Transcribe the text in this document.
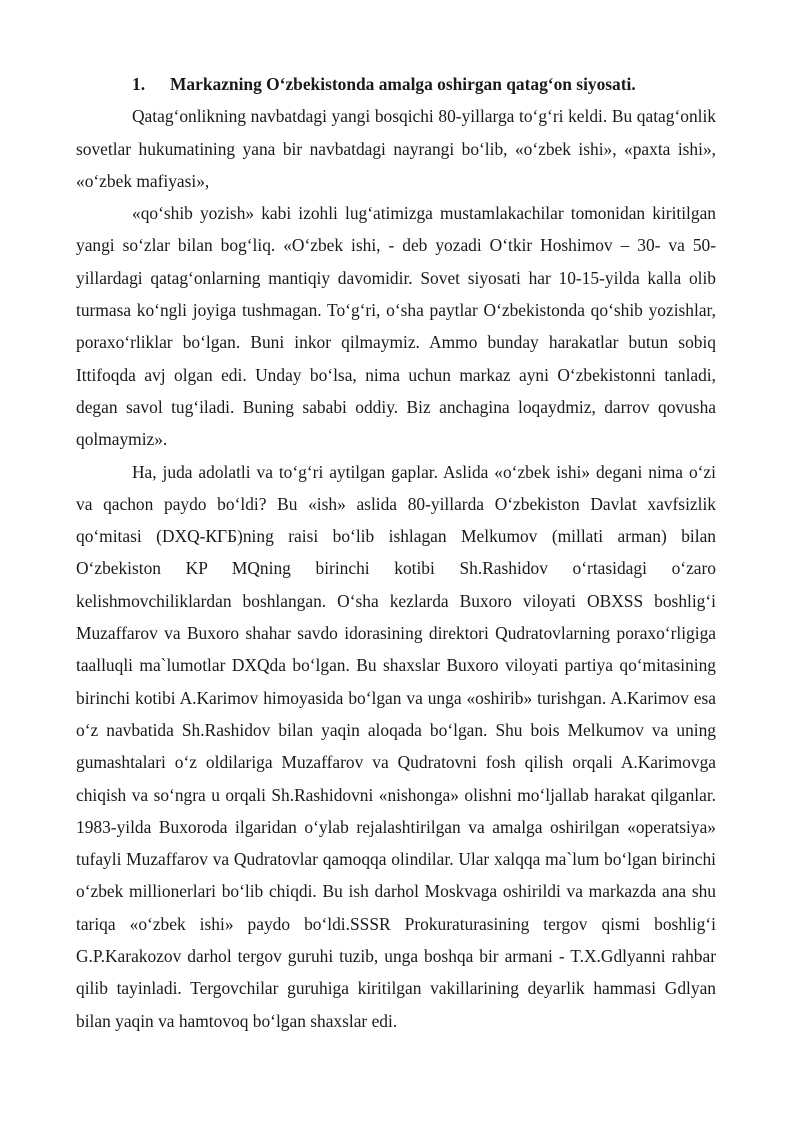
1. Markazning O‘zbekistonda amalga oshirgan qatag‘on siyosati.

Qatag‘onlikning navbatdagi yangi bosqichi 80-yillarga to‘g‘ri keldi. Bu qatag‘onlik sovetlar hukumatining yana bir navbatdagi nayrangi bo‘lib, «o‘zbek ishi», «paxta ishi», «o‘zbek mafiyasi»,

«qo‘shib yozish» kabi izohli lug‘atimizga mustamlakachilar tomonidan kiritilgan yangi so‘zlar bilan bog‘liq. «O‘zbek ishi, - deb yozadi O‘tkir Hoshimov – 30- va 50-yillardagi qatag‘onlarning mantiqiy davomidir. Sovet siyosati har 10-15-yilda kalla olib turmasa ko‘ngli joyiga tushmagan. To‘g‘ri, o‘sha paytlar O‘zbekistonda qo‘shib yozishlar, poraxo‘rliklar bo‘lgan. Buni inkor qilmaymiz. Ammo bunday harakatlar butun sobiq Ittifoqda avj olgan edi. Unday bo‘lsa, nima uchun markaz ayni O‘zbekistonni tanladi, degan savol tug‘iladi. Buning sababi oddiy. Biz anchagina loqaydmiz, darrov qovusha qolmaymiz».

Ha, juda adolatli va to‘g‘ri aytilgan gaplar. Aslida «o‘zbek ishi» degani nima o‘zi va qachon paydo bo‘ldi? Bu «ish» aslida 80-yillarda O‘zbekiston Davlat xavfsizlik qo‘mitasi (DXQ-КГБ)ning raisi bo‘lib ishlagan Melkumov (millati arman) bilan O‘zbekiston KP MQning birinchi kotibi Sh.Rashidov o‘rtasidagi o‘zaro kelishmovchiliklardan boshlangan. O‘sha kezlarda Buxoro viloyati OBXSS boshlig‘i Muzaffarov va Buxoro shahar savdo idorasining direktori Qudratovlarning poraxo‘rligiga taalluqli ma`lumotlar DXQda bo‘lgan. Bu shaxslar Buxoro viloyati partiya qo‘mitasining birinchi kotibi A.Karimov himoyasida bo‘lgan va unga «oshirib» turishgan. A.Karimov esa o‘z navbatida Sh.Rashidov bilan yaqin aloqada bo‘lgan. Shu bois Melkumov va uning gumashtalari o‘z oldilariga Muzaffarov va Qudratovni fosh qilish orqali A.Karimovga chiqish va so‘ngra u orqali Sh.Rashidovni «nishonga» olishni mo‘ljallab harakat qilganlar. 1983-yilda Buxoroda ilgaridan o‘ylab rejalashtirilgan va amalga oshirilgan «operatsiya» tufayli Muzaffarov va Qudratovlar qamoqqa olindilar. Ular xalqqa ma`lum bo‘lgan birinchi o‘zbek millionerlari bo‘lib chiqdi. Bu ish darhol Moskvaga oshirildi va markazda ana shu tariqa «o‘zbek ishi» paydo bo‘ldi.SSSR Prokuraturasining tergov qismi boshlig‘i G.P.Karakozov darhol tergov guruhi tuzib, unga boshqa bir armani - T.X.Gdlyanni rahbar qilib tayinladi. Tergovchilar guruhiga kiritilgan vakillarining deyarlik hammasi Gdlyan bilan yaqin va hamtovoq bo‘lgan shaxslar edi.
